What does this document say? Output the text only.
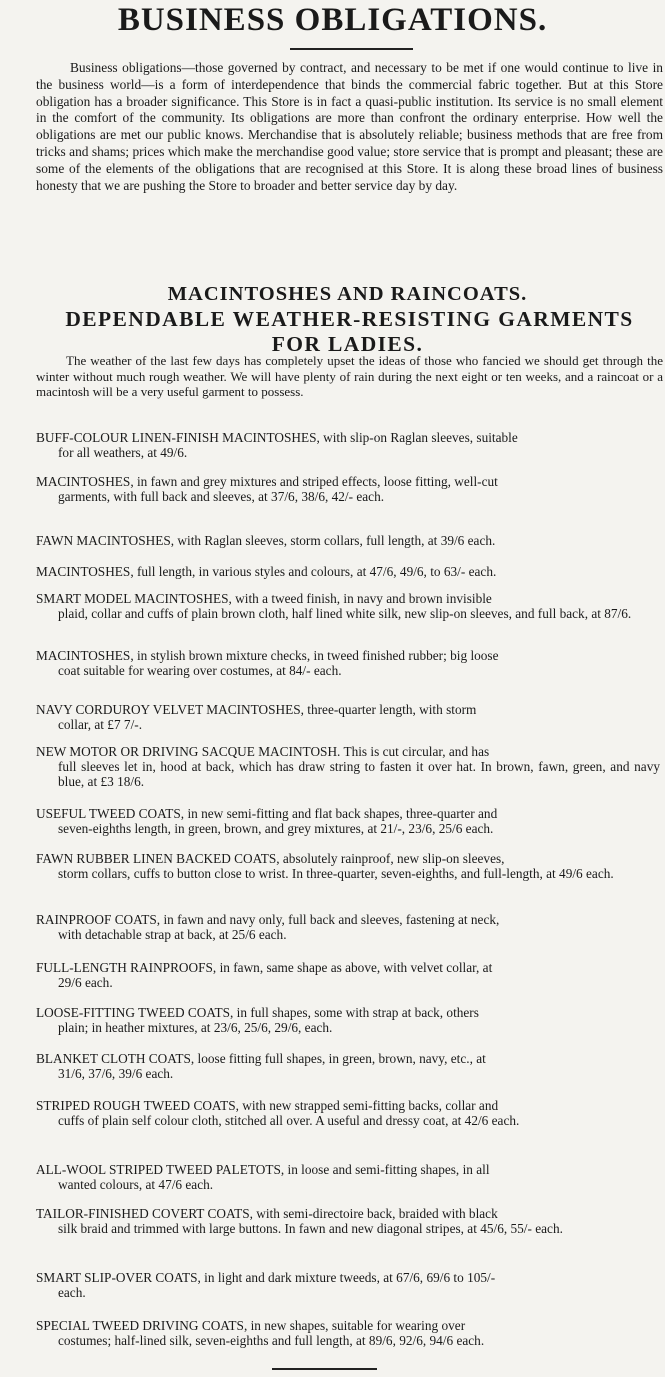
BUSINESS OBLIGATIONS.

Business obligations—those governed by contract, and necessary to be met if one would continue to live in the business world—is a form of interdependence that binds the commercial fabric together. But at this Store obligation has a broader significance. This Store is in fact a quasi-public institution. Its service is no small element in the comfort of the community. Its obligations are more than confront the ordinary enterprise. How well the obligations are met our public knows. Merchandise that is absolutely reliable; business methods that are free from tricks and shams; prices which make the merchandise good value; store service that is prompt and pleasant; these are some of the elements of the obligations that are recognised at this Store. It is along these broad lines of business honesty that we are pushing the Store to broader and better service day by day.

MACINTOSHES AND RAINCOATS.
DEPENDABLE WEATHER-RESISTING GARMENTS
FOR LADIES.

The weather of the last few days has completely upset the ideas of those who fancied we should get through the winter without much rough weather. We will have plenty of rain during the next eight or ten weeks, and a raincoat or a macintosh will be a very useful garment to possess.

BUFF-COLOUR LINEN-FINISH MACINTOSHES, with slip-on Raglan sleeves, suitable
for all weathers, at 49/6.

MACINTOSHES, in fawn and grey mixtures and striped effects, loose fitting, well-cut
garments, with full back and sleeves, at 37/6, 38/6, 42/- each.

FAWN MACINTOSHES, with Raglan sleeves, storm collars, full length, at 39/6 each.

MACINTOSHES, full length, in various styles and colours, at 47/6, 49/6, to 63/- each.

SMART MODEL MACINTOSHES, with a tweed finish, in navy and brown invisible
plaid, collar and cuffs of plain brown cloth, half lined white silk, new slip-on sleeves, and full back, at 87/6.

MACINTOSHES, in stylish brown mixture checks, in tweed finished rubber; big loose
coat suitable for wearing over costumes, at 84/- each.

NAVY CORDUROY VELVET MACINTOSHES, three-quarter length, with storm
collar, at £7 7/-.

NEW MOTOR OR DRIVING SACQUE MACINTOSH. This is cut circular, and has
full sleeves let in, hood at back, which has draw string to fasten it over hat. In brown, fawn, green, and navy blue, at £3 18/6.

USEFUL TWEED COATS, in new semi-fitting and flat back shapes, three-quarter and
seven-eighths length, in green, brown, and grey mixtures, at 21/-, 23/6, 25/6 each.

FAWN RUBBER LINEN BACKED COATS, absolutely rainproof, new slip-on sleeves,
storm collars, cuffs to button close to wrist. In three-quarter, seven-eighths, and full-length, at 49/6 each.

RAINPROOF COATS, in fawn and navy only, full back and sleeves, fastening at neck,
with detachable strap at back, at 25/6 each.

FULL-LENGTH RAINPROOFS, in fawn, same shape as above, with velvet collar, at
29/6 each.

LOOSE-FITTING TWEED COATS, in full shapes, some with strap at back, others
plain; in heather mixtures, at 23/6, 25/6, 29/6, each.

BLANKET CLOTH COATS, loose fitting full shapes, in green, brown, navy, etc., at
31/6, 37/6, 39/6 each.

STRIPED ROUGH TWEED COATS, with new strapped semi-fitting backs, collar and
cuffs of plain self colour cloth, stitched all over. A useful and dressy coat, at 42/6 each.

ALL-WOOL STRIPED TWEED PALETOTS, in loose and semi-fitting shapes, in all
wanted colours, at 47/6 each.

TAILOR-FINISHED COVERT COATS, with semi-directoire back, braided with black
silk braid and trimmed with large buttons. In fawn and new diagonal stripes, at 45/6, 55/- each.

SMART SLIP-OVER COATS, in light and dark mixture tweeds, at 67/6, 69/6 to 105/-
each.

SPECIAL TWEED DRIVING COATS, in new shapes, suitable for wearing over
costumes; half-lined silk, seven-eighths and full length, at 89/6, 92/6, 94/6 each.
